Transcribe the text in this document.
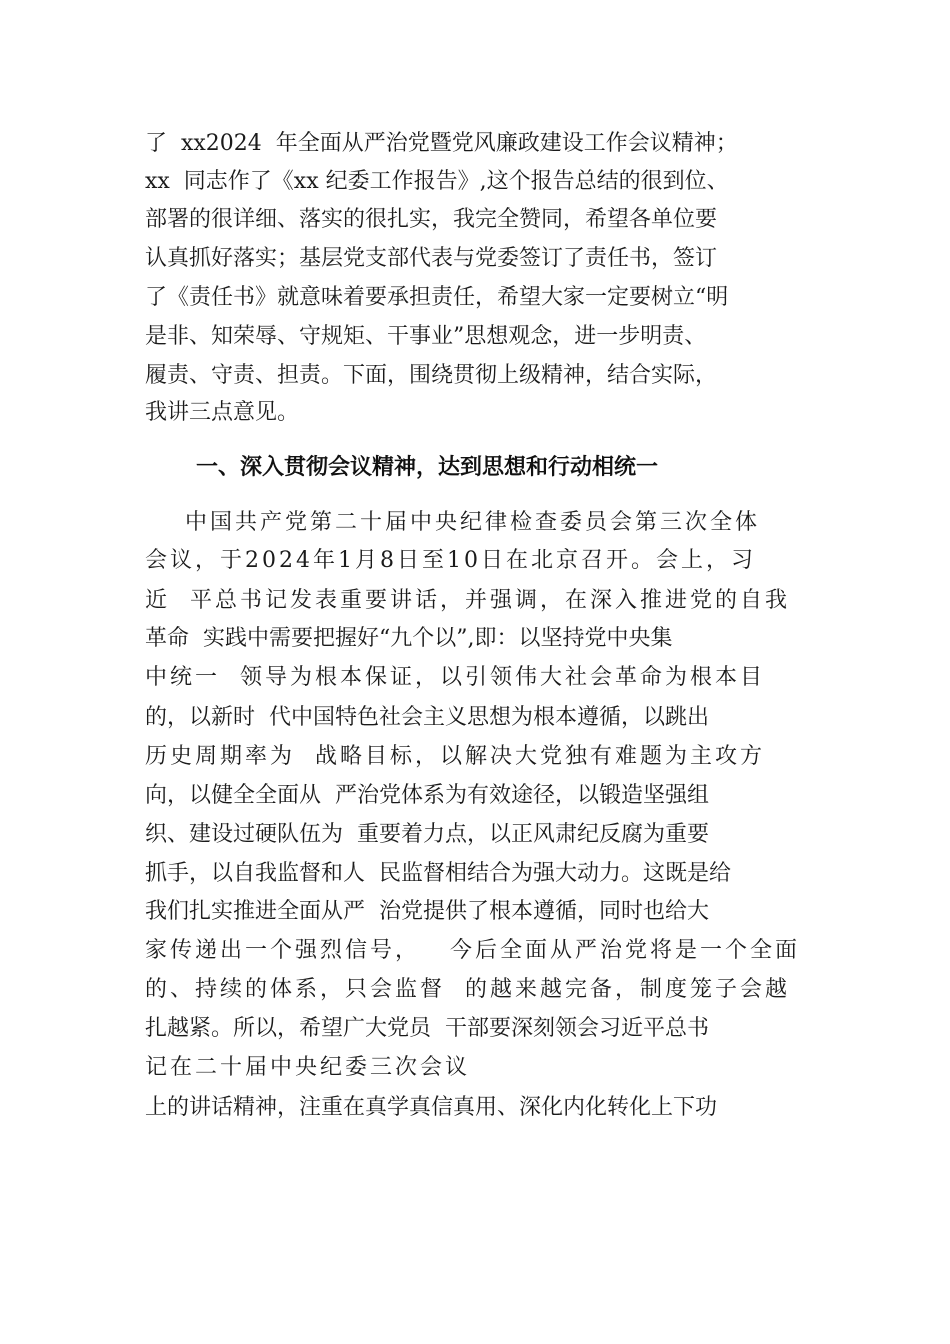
了  xx2024  年全面从严治党暨党风廉政建设工作会议精神；
xx  同志作了《xx 纪委工作报告》,这个报告总结的很到位、
部署的很详细、落实的很扎实，我完全赞同，希望各单位要
认真抓好落实；基层党支部代表与党委签订了责任书，签订
了《责任书》就意味着要承担责任，希望大家一定要树立“明
是非、知荣辱、守规矩、干事业”思想观念，进一步明责、
履责、守责、担责。下面，围绕贯彻上级精神，结合实际，
我讲三点意见。
一、深入贯彻会议精神，达到思想和行动相统一
中国共产党第二十届中央纪律检查委员会第三次全体
会议，于2024年1月8日至10日在北京召开。会上，习
近  平总书记发表重要讲话，并强调，在深入推进党的自我
革命  实践中需要把握好“九个以”,即：以坚持党中央集
中统一  领导为根本保证，以引领伟大社会革命为根本目
的，以新时  代中国特色社会主义思想为根本遵循，以跳出
历史周期率为  战略目标，以解决大党独有难题为主攻方
向，以健全全面从  严治党体系为有效途径，以锻造坚强组
织、建设过硬队伍为  重要着力点，以正风肃纪反腐为重要
抓手，以自我监督和人  民监督相结合为强大动力。这既是给
我们扎实推进全面从严  治党提供了根本遵循，同时也给大
家传递出一个强烈信号，   今后全面从严治党将是一个全面
的、持续的体系，只会监督  的越来越完备，制度笼子会越
扎越紧。所以，希望广大党员  干部要深刻领会习近平总书
记在二十届中央纪委三次会议
上的讲话精神，注重在真学真信真用、深化内化转化上下功
